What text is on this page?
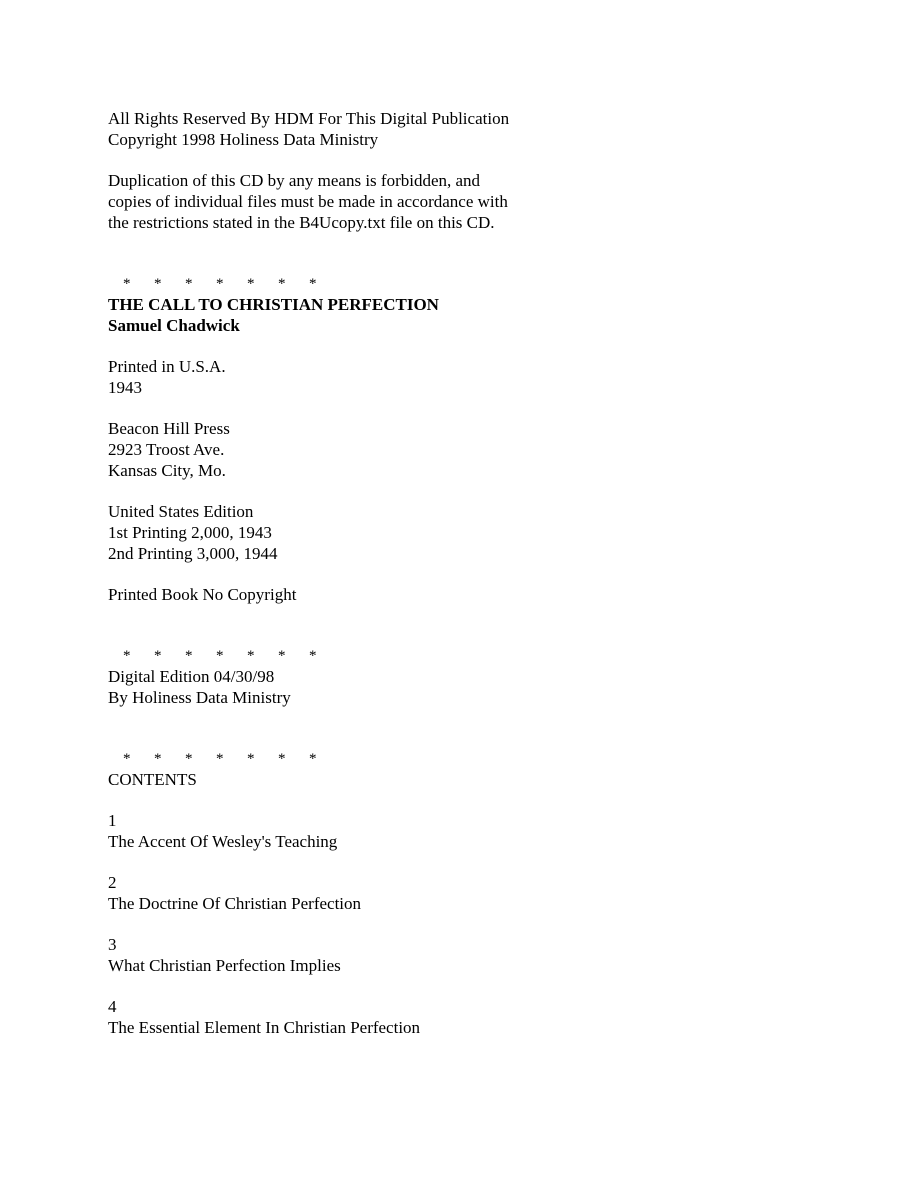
All Rights Reserved By HDM For This Digital Publication
Copyright 1998 Holiness Data Ministry
Duplication of this CD by any means is forbidden, and
copies of individual files must be made in accordance with
the restrictions stated in the B4Ucopy.txt file on this CD.

* * * * * * *

THE CALL TO CHRISTIAN PERFECTION
Samuel Chadwick
Printed in U.S.A.
1943
Beacon Hill Press
2923 Troost Ave.
Kansas City, Mo.
United States Edition
1st Printing 2,000, 1943
2nd Printing 3,000, 1944
Printed Book No Copyright

* * * * * * *

Digital Edition 04/30/98
By Holiness Data Ministry

* * * * * * *

CONTENTS
1
The Accent Of Wesley's Teaching
2
The Doctrine Of Christian Perfection
3
What Christian Perfection Implies
4
The Essential Element In Christian Perfection
